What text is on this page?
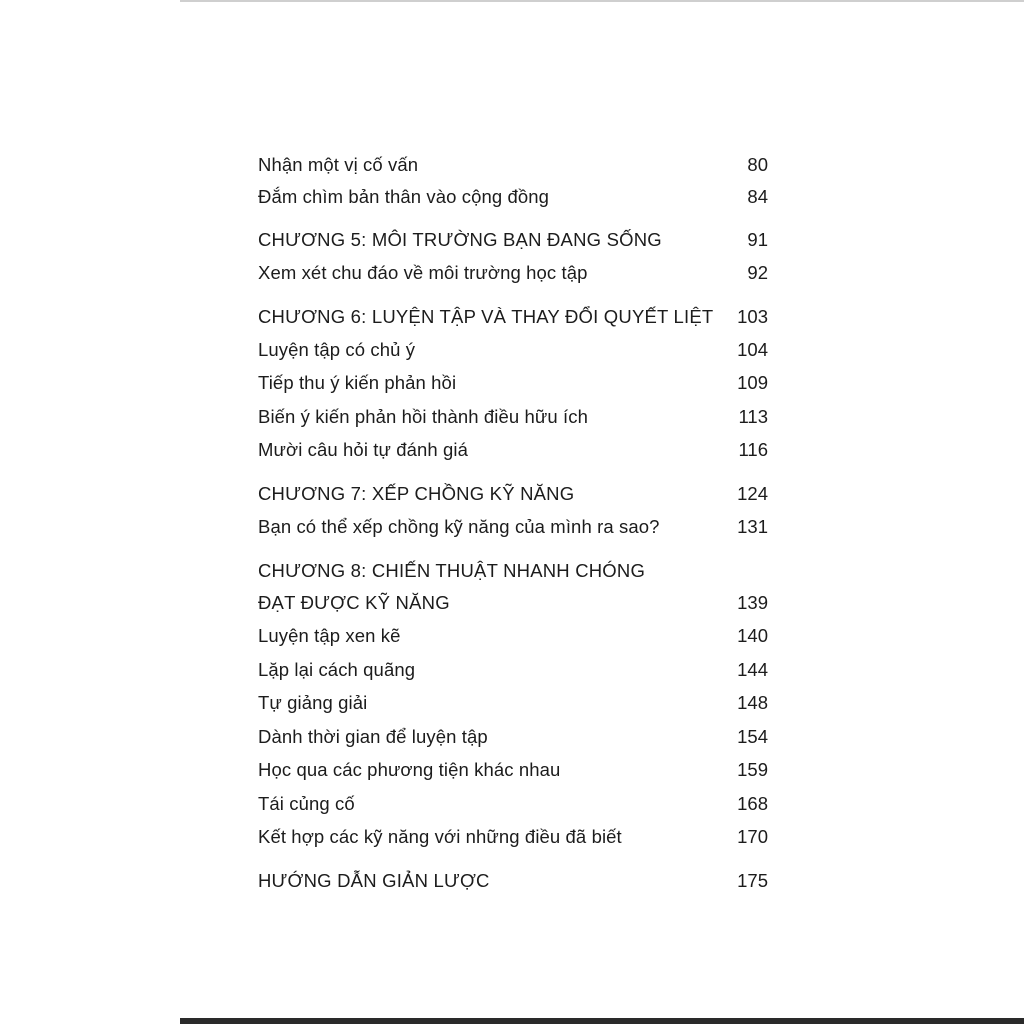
Nhận một vị cố vấn	80
Đắm chìm bản thân vào cộng đồng	84
CHƯƠNG 5: MÔI TRƯỜNG BẠN ĐANG SỐNG	91
Xem xét chu đáo về môi trường học tập	92
CHƯƠNG 6: LUYỆN TẬP VÀ THAY ĐỔI QUYẾT LIỆT	103
Luyện tập có chủ ý	104
Tiếp thu ý kiến phản hồi	109
Biến ý kiến phản hồi thành điều hữu ích	113
Mười câu hỏi tự đánh giá	116
CHƯƠNG 7: XẾP CHỒNG KỸ NĂNG	124
Bạn có thể xếp chồng kỹ năng của mình ra sao?	131
CHƯƠNG 8: CHIẾN THUẬT NHANH CHÓNG
ĐẠT ĐƯỢC KỸ NĂNG	139
Luyện tập xen kẽ	140
Lặp lại cách quãng	144
Tự giảng giải	148
Dành thời gian để luyện tập	154
Học qua các phương tiện khác nhau	159
Tái củng cố	168
Kết hợp các kỹ năng với những điều đã biết	170
HƯỚNG DẪN GIẢN LƯỢC	175
